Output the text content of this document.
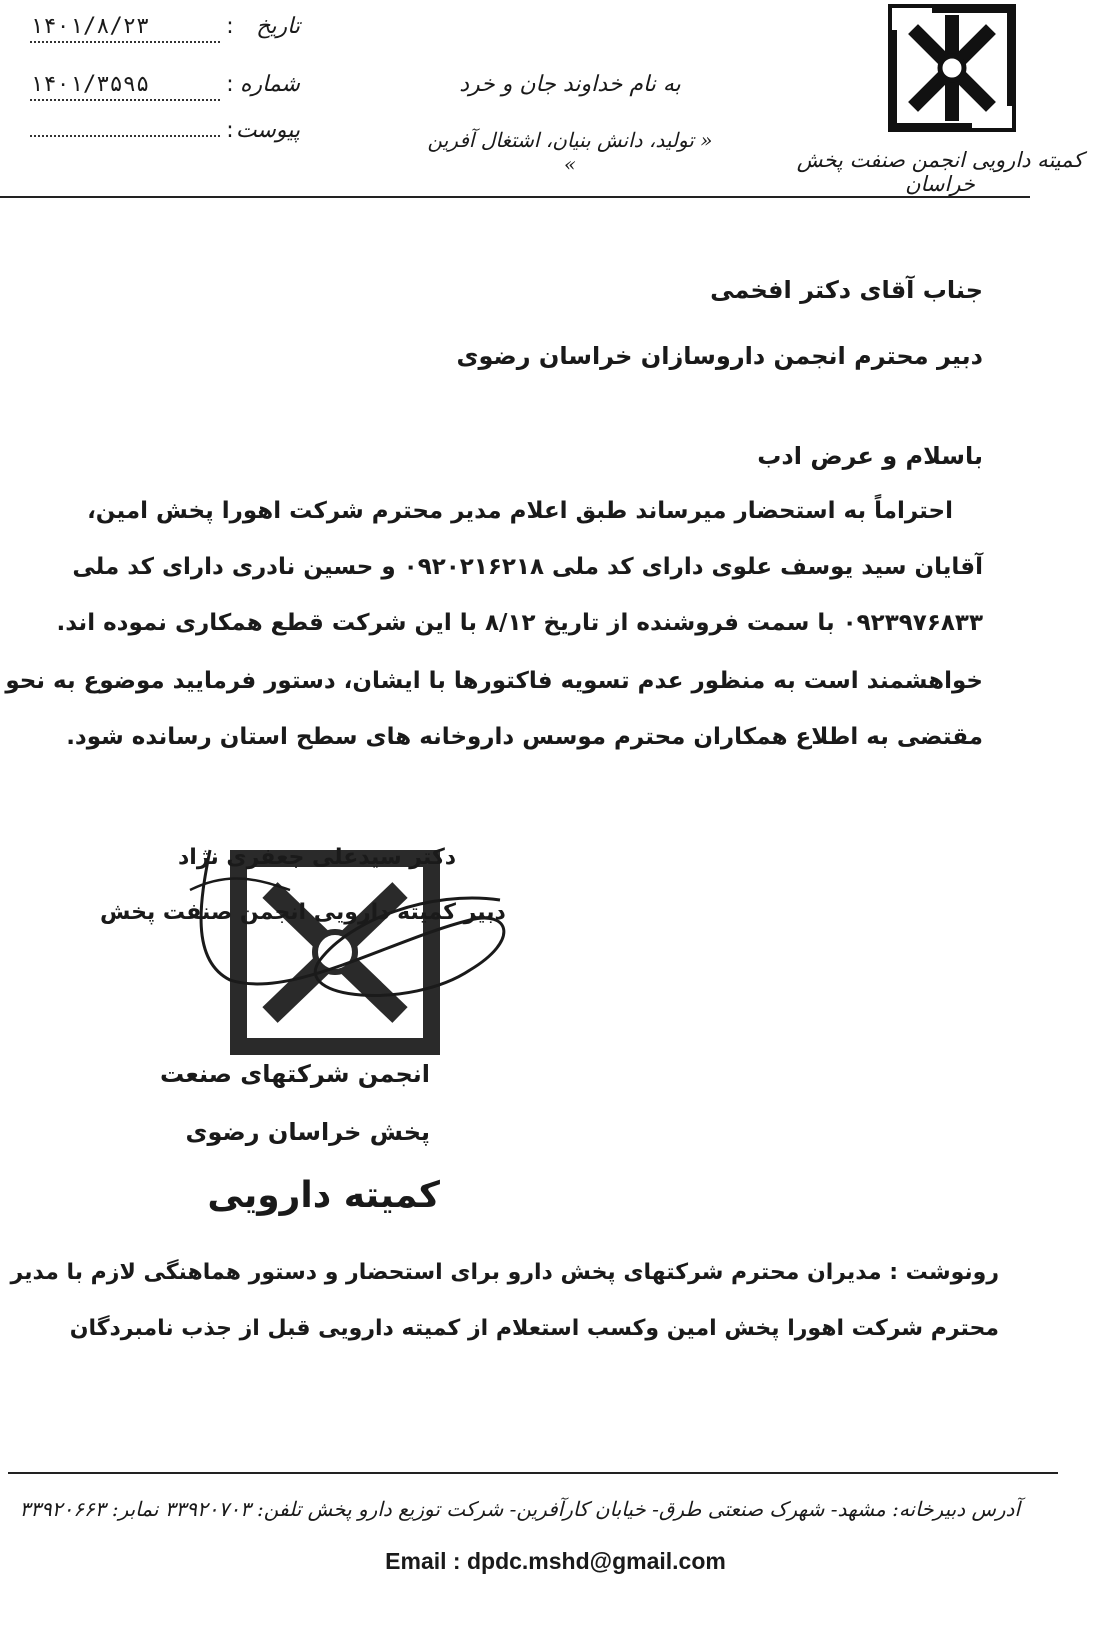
کمیته دارویی انجمن صنفت پخش خراسان
به نام خداوند جان و خرد
« تولید، دانش بنیان، اشتغال آفرین »
تاریخ
:
۱۴۰۱/۸/۲۳
شماره
:
۱۴۰۱/۳۵۹۵
پیوست
:
جناب آقای دکتر افخمی
دبیر محترم انجمن داروسازان خراسان رضوی
باسلام و عرض ادب
احتراماً به استحضار میرساند طبق اعلام مدیر محترم شرکت اهورا پخش امین،
آقایان سید یوسف علوی دارای کد ملی ۰۹۲۰۲۱۶۲۱۸ و حسین نادری دارای کد ملی
۰۹۲۳۹۷۶۸۳۳ با سمت فروشنده از تاریخ ۸/۱۲ با این شرکت قطع همکاری نموده اند.
خواهشمند است به منظور عدم تسویه فاکتورها با ایشان، دستور فرمایید موضوع به نحو
مقتضی به اطلاع همکاران محترم موسس داروخانه های سطح استان رسانده شود.
دکتر سیدعلی جعفری نژاد
دبیر کمیته دارویی انجمن صنفت پخش
انجمن شرکتهای صنعت
پخش خراسان رضوی
کمیته دارویی
رونوشت : مدیران محترم شرکتهای پخش دارو برای استحضار و دستور هماهنگی لازم با مدیر
محترم شرکت اهورا پخش امین وکسب استعلام از کمیته دارویی قبل از جذب نامبردگان
آدرس دبیرخانه: مشهد- شهرک صنعتی طرق- خیابان کارآفرین- شرکت توزیع دارو پخش تلفن: ۳۳۹۲۰۷۰۳ نمابر: ۳۳۹۲۰۶۶۳
Email : dpdc.mshd@gmail.com
